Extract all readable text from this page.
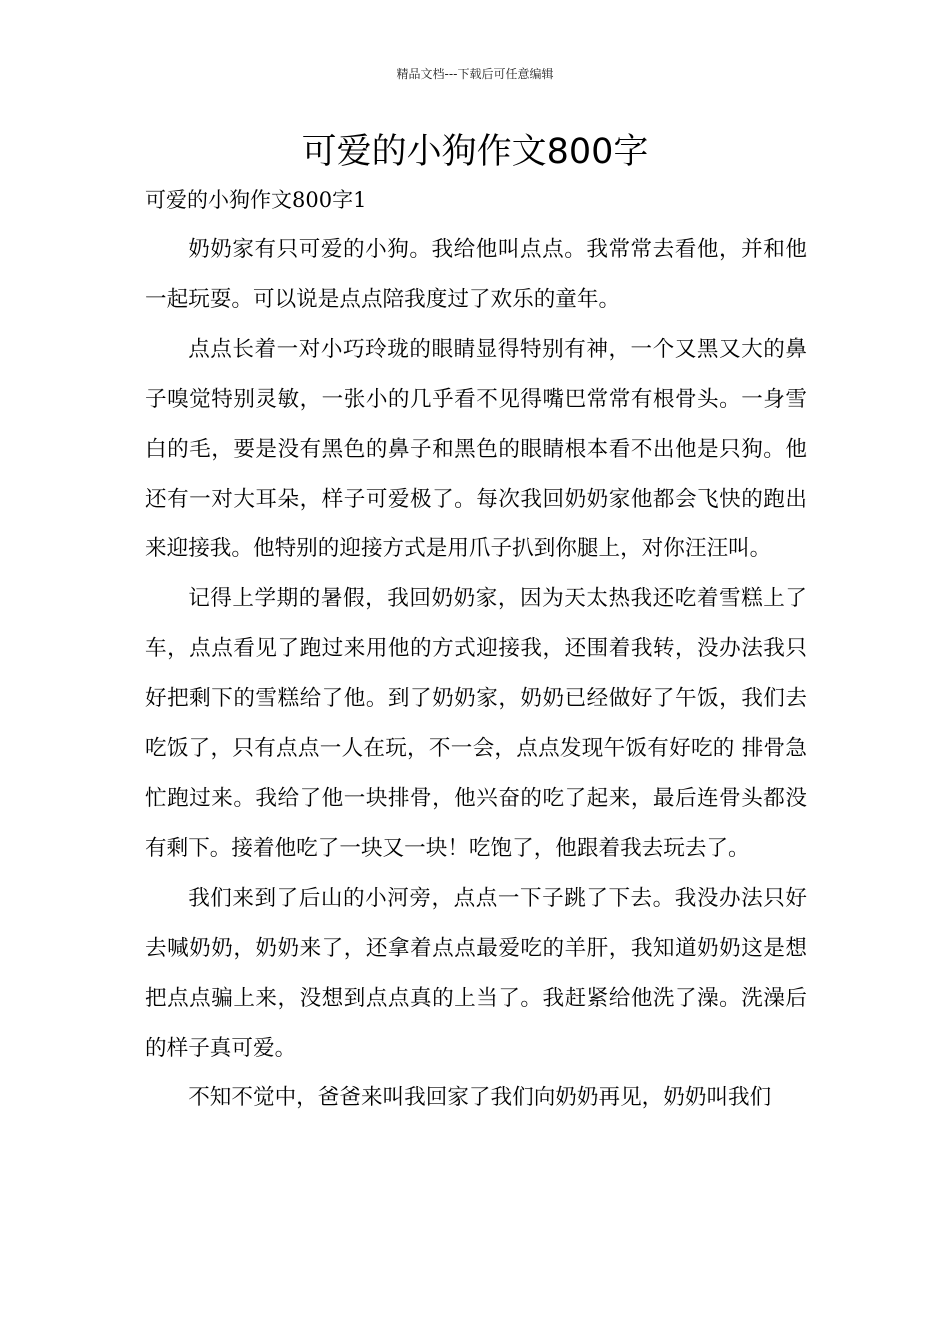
精品文档---下载后可任意编辑
可爱的小狗作文800字

可爱的小狗作文800字1

奶奶家有只可爱的小狗。我给他叫点点。我常常去看他，并和他一起玩耍。可以说是点点陪我度过了欢乐的童年。

点点长着一对小巧玲珑的眼睛显得特别有神，一个又黑又大的鼻子嗅觉特别灵敏，一张小的几乎看不见得嘴巴常常有根骨头。一身雪白的毛，要是没有黑色的鼻子和黑色的眼睛根本看不出他是只狗。他还有一对大耳朵，样子可爱极了。每次我回奶奶家他都会飞快的跑出来迎接我。他特别的迎接方式是用爪子扒到你腿上，对你汪汪叫。

记得上学期的暑假，我回奶奶家，因为天太热我还吃着雪糕上了车，点点看见了跑过来用他的方式迎接我，还围着我转，没办法我只好把剩下的雪糕给了他。到了奶奶家，奶奶已经做好了午饭，我们去吃饭了，只有点点一人在玩，不一会，点点发现午饭有好吃的 排骨急忙跑过来。我给了他一块排骨，他兴奋的吃了起来，最后连骨头都没有剩下。接着他吃了一块又一块！吃饱了，他跟着我去玩去了。

我们来到了后山的小河旁，点点一下子跳了下去。我没办法只好去喊奶奶，奶奶来了，还拿着点点最爱吃的羊肝，我知道奶奶这是想把点点骗上来，没想到点点真的上当了。我赶紧给他洗了澡。洗澡后的样子真可爱。

不知不觉中，爸爸来叫我回家了我们向奶奶再见，奶奶叫我们
